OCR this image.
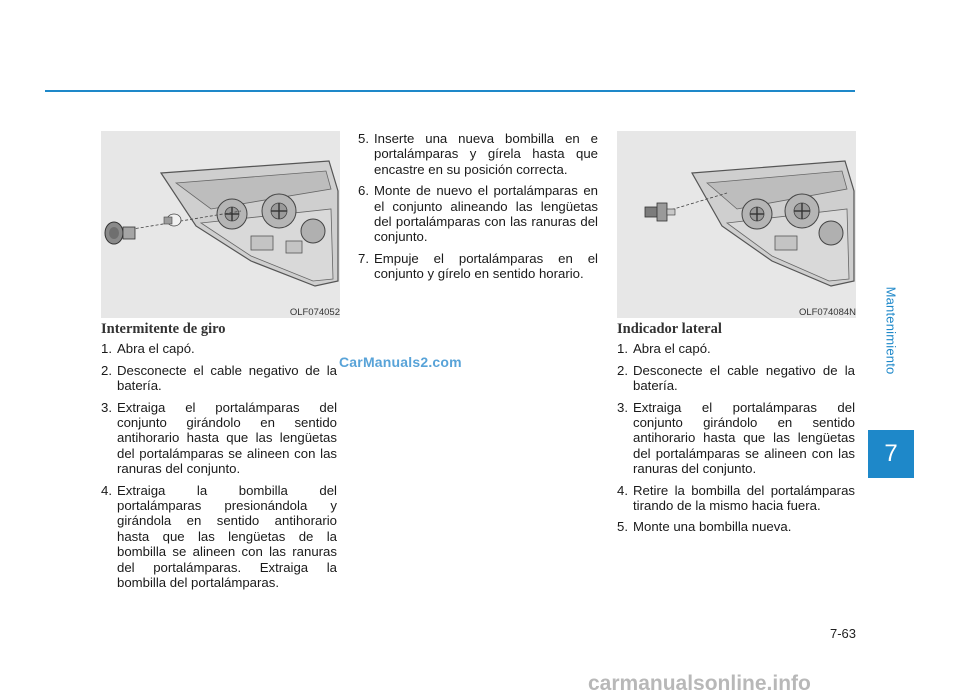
OLF074052	OLF074084N
Intermitente de giro
1. Abra el capó.
2. Desconecte el cable negativo de la batería.
3. Extraiga el portalámparas del conjunto girándolo en sentido antihorario hasta que las lengüetas del portalámparas se alineen con las ranuras del conjunto.
4. Extraiga la bombilla del portalámparas presionándola y girándola en sentido antihorario hasta que las lengüetas de la bombilla se alineen con las ranuras del portalámparas. Extraiga la bombilla del portalámparas.
5. Inserte una nueva bombilla en e portalámparas y gírela hasta que encastre en su posición correcta.
6. Monte de nuevo el portalámparas en el conjunto alineando las lengüetas del portalámparas con las ranuras del conjunto.
7. Empuje el portalámparas en el conjunto y gírelo en sentido horario.
Indicador lateral
1. Abra el capó.
2. Desconecte el cable negativo de la batería.
3. Extraiga el portalámparas del conjunto girándolo en sentido antihorario hasta que las lengüetas del portalámparas se alineen con las ranuras del conjunto.
4. Retire la bombilla del portalámparas tirando de la mismo hacia fuera.
5. Monte una bombilla nueva.
CarManuals2.com	Mantenimiento
7
7-63
carmanualsonline.info
